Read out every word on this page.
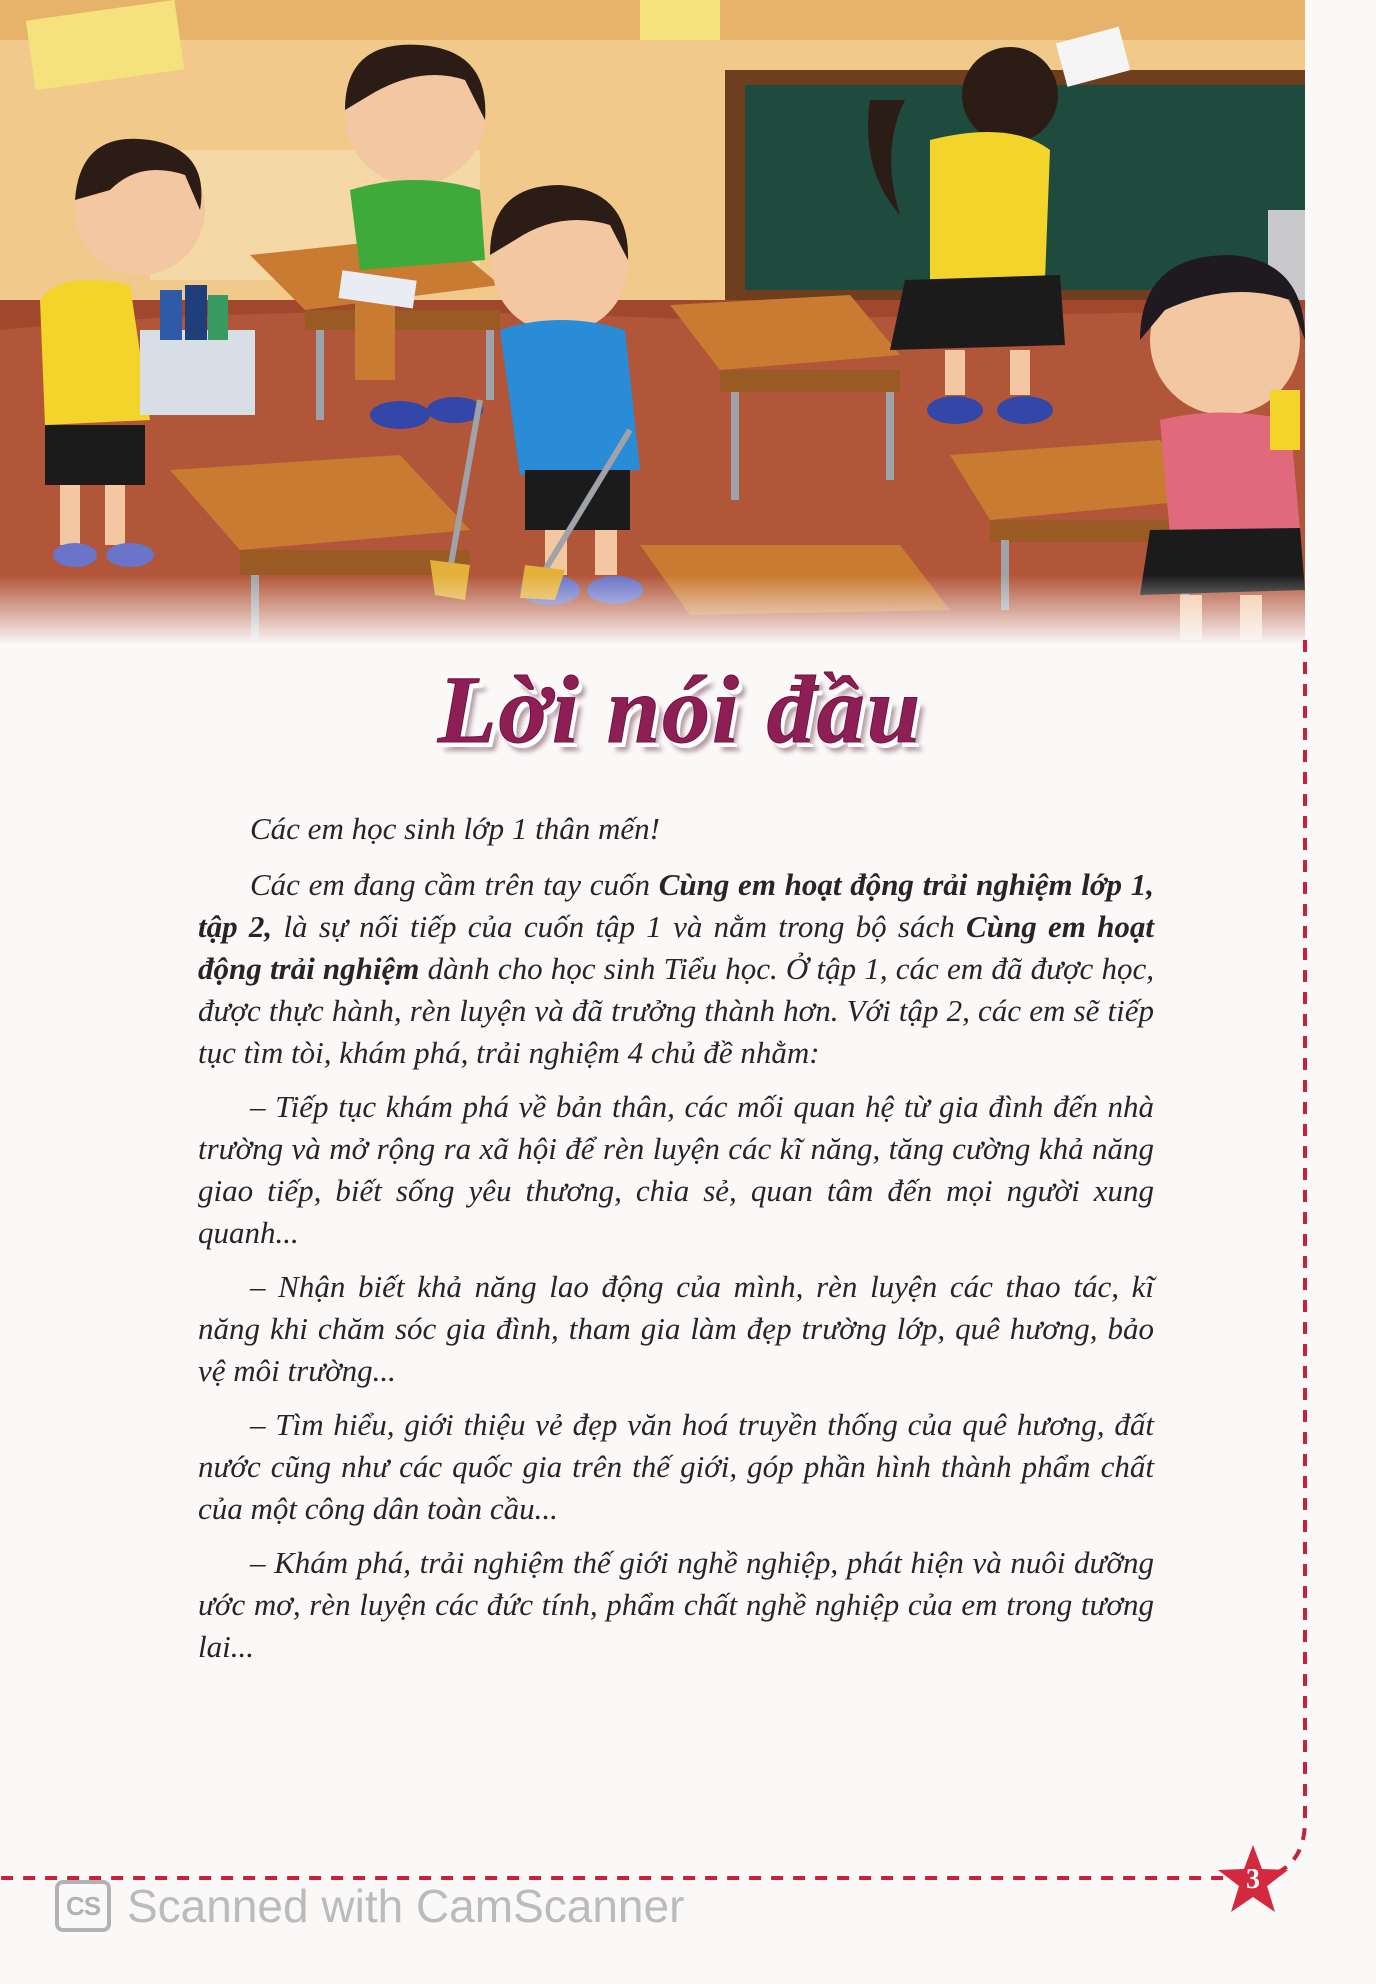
Lời nói đầu

Các em học sinh lớp 1 thân mến!

Các em đang cầm trên tay cuốn Cùng em hoạt động trải nghiệm lớp 1, tập 2, là sự nối tiếp của cuốn tập 1 và nằm trong bộ sách Cùng em hoạt động trải nghiệm dành cho học sinh Tiểu học. Ở tập 1, các em đã được học, được thực hành, rèn luyện và đã trưởng thành hơn. Với tập 2, các em sẽ tiếp tục tìm tòi, khám phá, trải nghiệm 4 chủ đề nhằm:

– Tiếp tục khám phá về bản thân, các mối quan hệ từ gia đình đến nhà trường và mở rộng ra xã hội để rèn luyện các kĩ năng, tăng cường khả năng giao tiếp, biết sống yêu thương, chia sẻ, quan tâm đến mọi người xung quanh...

– Nhận biết khả năng lao động của mình, rèn luyện các thao tác, kĩ năng khi chăm sóc gia đình, tham gia làm đẹp trường lớp, quê hương, bảo vệ môi trường...

– Tìm hiểu, giới thiệu vẻ đẹp văn hoá truyền thống của quê hương, đất nước cũng như các quốc gia trên thế giới, góp phần hình thành phẩm chất của một công dân toàn cầu...

– Khám phá, trải nghiệm thế giới nghề nghiệp, phát hiện và nuôi dưỡng ước mơ, rèn luyện các đức tính, phẩm chất nghề nghiệp của em trong tương lai...

3
CS Scanned with CamScanner
